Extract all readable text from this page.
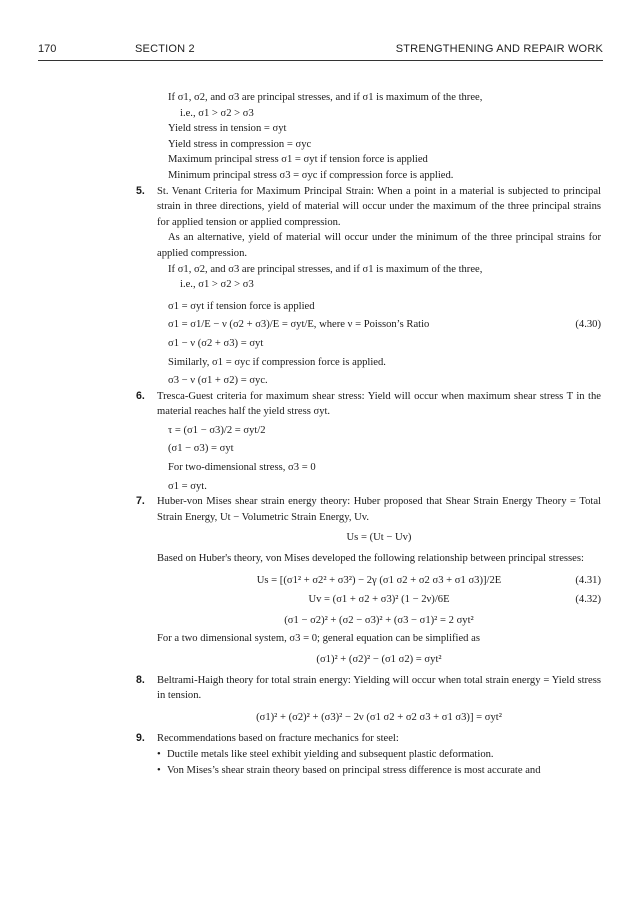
170	SECTION 2	STRENGTHENING AND REPAIR WORK

If σ1, σ2, and σ3 are principal stresses, and if σ1 is maximum of the three,

i.e., σ1 > σ2 > σ3

Yield stress in tension = σyt

Yield stress in compression = σyc

Maximum principal stress σ1 = σyt if tension force is applied

Minimum principal stress σ3 = σyc if compression force is applied.

5. St. Venant Criteria for Maximum Principal Strain: When a point in a material is subjected to principal strain in three directions, yield of material will occur under the maximum of the three principal strains for applied tension or applied compression.

As an alternative, yield of material will occur under the minimum of the three principal strains for applied compression.

If σ1, σ2, and σ3 are principal stresses, and if σ1 is maximum of the three,

i.e., σ1 > σ2 > σ3

σ1 = σyt if tension force is applied

σ1 = σ1/E − ν (σ2 + σ3)/E = σyt/E, where ν = Poisson’s Ratio	(4.30)

σ1 − ν (σ2 + σ3) = σyt

Similarly, σ1 = σyc if compression force is applied.

σ3 − ν (σ1 + σ2) = σyc.

6. Tresca-Guest criteria for maximum shear stress: Yield will occur when maximum shear stress T in the material reaches half the yield stress σyt.

τ = (σ1 − σ3)/2 = σyt/2

(σ1 − σ3) = σyt

For two-dimensional stress, σ3 = 0

σ1 = σyt.

7. Huber-von Mises shear strain energy theory: Huber proposed that Shear Strain Energy Theory = Total Strain Energy, Ut − Volumetric Strain Energy, Uv.

Us = (Ut − Uv)

Based on Huber's theory, von Mises developed the following relationship between principal stresses:

Us = [(σ1² + σ2² + σ3²) − 2γ (σ1 σ2 + σ2 σ3 + σ1 σ3)]/2E	(4.31)
Uv = (σ1 + σ2 + σ3)² (1 − 2ν)/6E	(4.32)

(σ1 − σ2)² + (σ2 − σ3)² + (σ3 − σ1)² = 2 σyt²

For a two dimensional system, σ3 = 0; general equation can be simplified as

(σ1)² + (σ2)² − (σ1 σ2) = σyt²

8. Beltrami-Haigh theory for total strain energy: Yielding will occur when total strain energy = Yield stress in tension.

(σ1)² + (σ2)² + (σ3)² − 2ν (σ1 σ2 + σ2 σ3 + σ1 σ3)] = σyt²

9. Recommendations based on fracture mechanics for steel:

• Ductile metals like steel exhibit yielding and subsequent plastic deformation.
• Von Mises’s shear strain theory based on principal stress difference is most accurate and
